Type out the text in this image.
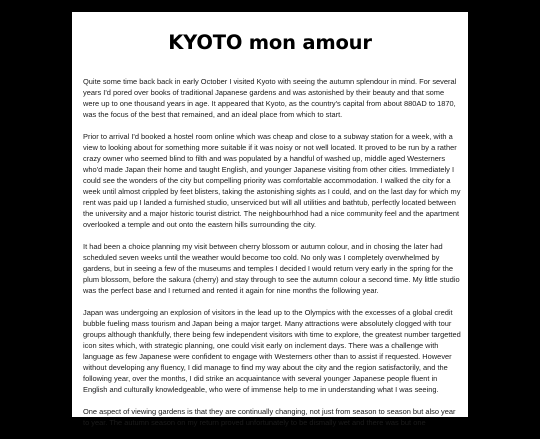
KYOTO mon amour

Quite some time back back in early October I visited Kyoto with seeing the autumn splendour in mind. For several years I'd pored over books of traditional Japanese gardens and was astonished by their beauty and that some were up to one thousand years in age. It appeared that Kyoto, as the country's capital from about 880AD to 1870, was the focus of the best that remained, and an ideal place from which to start.

Prior to arrival I'd booked a hostel room online which was cheap and close to a subway station for a week, with a view to looking about for something more suitable if it was noisy or not well located. It proved to be run by a rather crazy owner who seemed blind to filth and was populated by a handful of washed up, middle aged Westerners who'd made Japan their home and taught English, and younger Japanese visiting from other cities. Immediately I could see the wonders of the city but compelling priority was comfortable accommodation. I walked the city for a week until almost crippled by feet blisters, taking the astonishing sights as I could, and on the last day for which my rent was paid up I landed a furnished studio, unserviced but will all utilities and bathtub, perfectly located between the university and a major historic tourist district. The neighbourhhod had a nice community feel and the apartment overlooked a temple and out onto the eastern hills surrounding the city.

It had been a choice planning my visit between cherry blossom or autumn colour, and in chosing the later had scheduled seven weeks until the weather would become too cold. No only was I completely overwhelmed by gardens, but in seeing a few of the museums and temples I decided I would return very early in the spring for the plum blossom, before the sakura (cherry) and stay through to see the autumn colour a second time. My little studio was the perfect base and I returned and rented it again for nine months the following year.

Japan was undergoing an explosion of visitors in the lead up to the Olympics with the excesses of a global credit bubble fueling mass tourism and Japan being a major target. Many attractions were absolutely clogged with tour groups although thankfully, there being few independent visitors with time to explore, the greatest number targetted icon sites which, with strategic planning, one could visit early on inclement days. There was a challenge with language as few Japanese were confident to engage with Westerners other than to assist if requested. However without developing any fluency, I did manage to find my way about the city and the region satisfactorily, and the following year, over the months, I did strike an acquaintance with several younger Japanese people fluent in English and culturally knowledgeable, who were of immense help to me in understanding what I was seeing.

One aspect of viewing gardens is that they are continually changing, not just from season to season but also year to year. The autumn season on my return proved unfortunately to be dismally wet and there was but one
